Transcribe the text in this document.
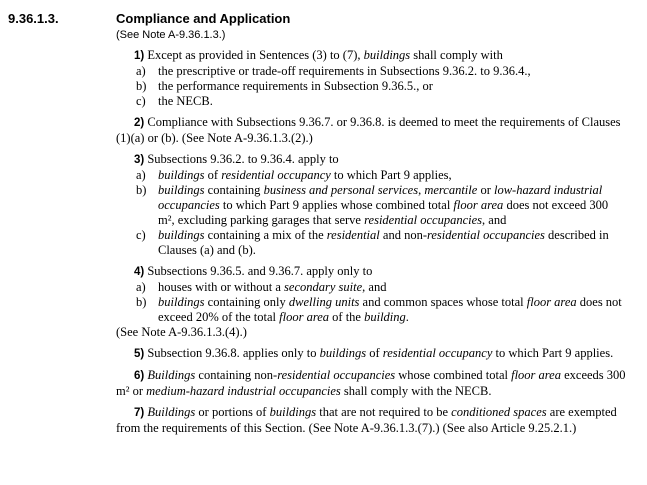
9.36.1.3.	Compliance and Application
(See Note A-9.36.1.3.)

1) Except as provided in Sentences (3) to (7), buildings shall comply with

a) the prescriptive or trade-off requirements in Subsections 9.36.2. to 9.36.4.,

b) the performance requirements in Subsection 9.36.5., or

c) the NECB.

2) Compliance with Subsections 9.36.7. or 9.36.8. is deemed to meet the requirements of Clauses (1)(a) or (b). (See Note A-9.36.1.3.(2).)

3) Subsections 9.36.2. to 9.36.4. apply to

a) buildings of residential occupancy to which Part 9 applies,

b) buildings containing business and personal services, mercantile or low-hazard industrial occupancies to which Part 9 applies whose combined total floor area does not exceed 300 m², excluding parking garages that serve residential occupancies, and

c) buildings containing a mix of the residential and non-residential occupancies described in Clauses (a) and (b).

4) Subsections 9.36.5. and 9.36.7. apply only to

a) houses with or without a secondary suite, and

b) buildings containing only dwelling units and common spaces whose total floor area does not exceed 20% of the total floor area of the building.

(See Note A-9.36.1.3.(4).)

5) Subsection 9.36.8. applies only to buildings of residential occupancy to which Part 9 applies.

6) Buildings containing non-residential occupancies whose combined total floor area exceeds 300 m² or medium-hazard industrial occupancies shall comply with the NECB.

7) Buildings or portions of buildings that are not required to be conditioned spaces are exempted from the requirements of this Section. (See Note A-9.36.1.3.(7).) (See also Article 9.25.2.1.)
